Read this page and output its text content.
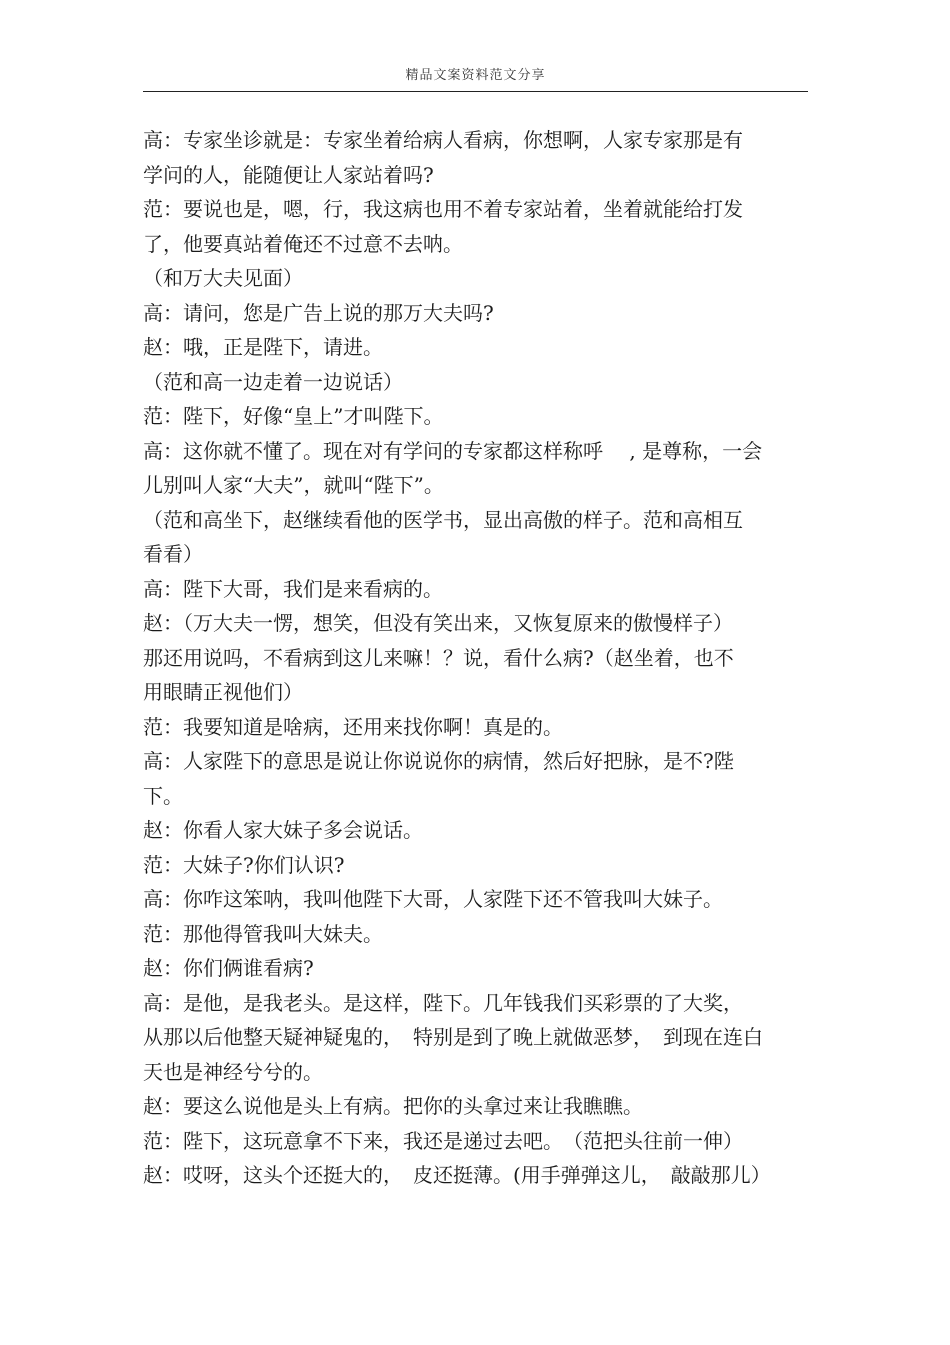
精品文案资料范文分享
高：专家坐诊就是：专家坐着给病人看病，你想啊，人家专家那是有
学问的人，能随便让人家站着吗?
范：要说也是，嗯，行，我这病也用不着专家站着，坐着就能给打发
了，他要真站着俺还不过意不去呐。
（和万大夫见面）
高：请问，您是广告上说的那万大夫吗?
赵：哦，正是陛下，请进。
（范和高一边走着一边说话）
范：陛下，好像“皇上”才叫陛下。
高：这你就不懂了。现在对有学问的专家都这样称呼　 , 是尊称，一会
儿别叫人家“大夫”，就叫“陛下”。
（范和高坐下，赵继续看他的医学书，显出高傲的样子。范和高相互
看看）
高：陛下大哥，我们是来看病的。
赵：（万大夫一愣，想笑，但没有笑出来，又恢复原来的傲慢样子）
那还用说吗，不看病到这儿来嘛！？说，看什么病?（赵坐着，也不
用眼睛正视他们）
范：我要知道是啥病，还用来找你啊！真是的。
高：人家陛下的意思是说让你说说你的病情，然后好把脉，是不?陛
下。
赵：你看人家大妹子多会说话。
范：大妹子?你们认识?
高：你咋这笨呐，我叫他陛下大哥，人家陛下还不管我叫大妹子。
范：那他得管我叫大妹夫。
赵：你们俩谁看病?
高：是他，是我老头。是这样，陛下。几年钱我们买彩票的了大奖，
从那以后他整天疑神疑鬼的，　特别是到了晚上就做恶梦，　到现在连白
天也是神经兮兮的。
赵：要这么说他是头上有病。把你的头拿过来让我瞧瞧。
范：陛下，这玩意拿不下来，我还是递过去吧。　（范把头往前一伸）
赵：哎呀，这头个还挺大的，　皮还挺薄。(用手弹弹这儿，　敲敲那儿）
